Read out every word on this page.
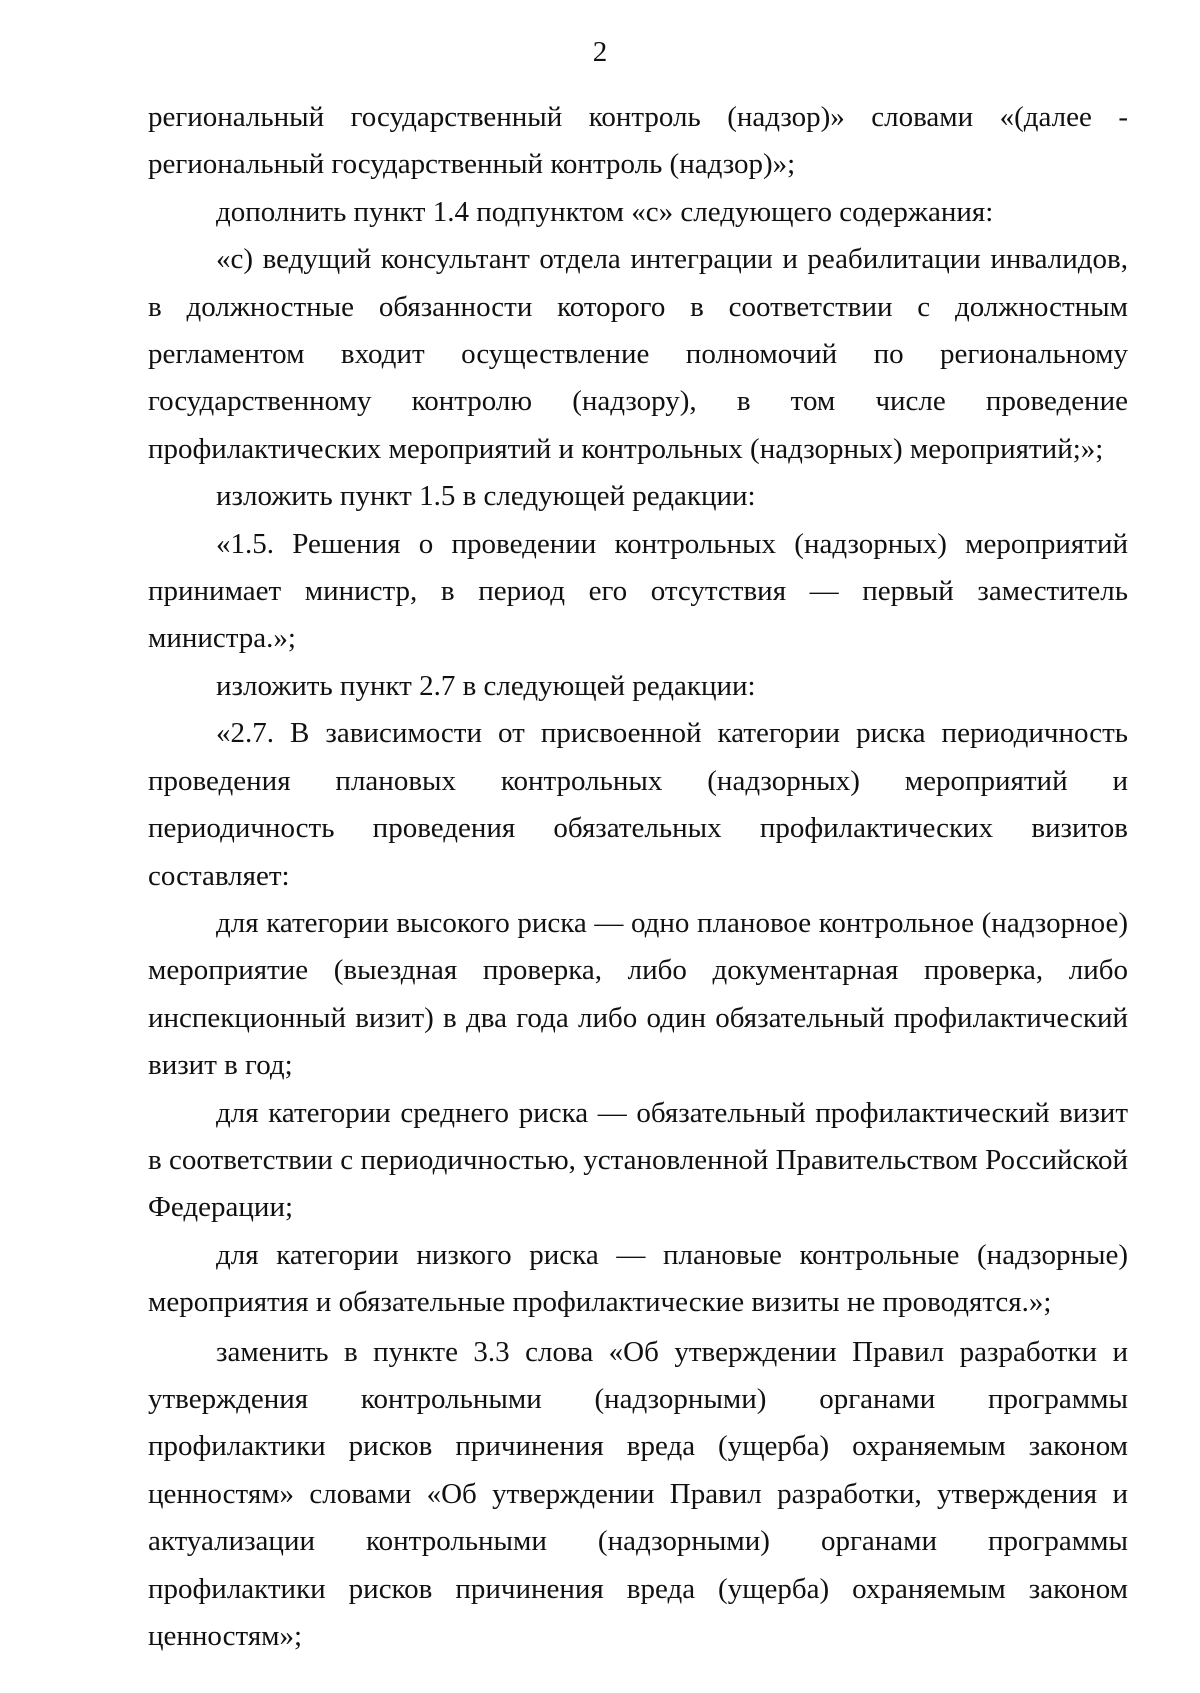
2

региональный государственный контроль (надзор)» словами «(далее - региональный государственный контроль (надзор)»;

дополнить пункт 1.4 подпунктом «с» следующего содержания:

«с) ведущий консультант отдела интеграции и реабилитации инвалидов, в должностные обязанности которого в соответствии с должностным регламентом входит осуществление полномочий по региональному государственному контролю (надзору), в том числе проведение профилактических мероприятий и контрольных (надзорных) мероприятий;»;

изложить пункт 1.5 в следующей редакции:

«1.5. Решения о проведении контрольных (надзорных) мероприятий принимает министр, в период его отсутствия — первый заместитель министра.»;

изложить пункт 2.7 в следующей редакции:

«2.7. В зависимости от присвоенной категории риска периодичность проведения плановых контрольных (надзорных) мероприятий и периодичность проведения обязательных профилактических визитов составляет:

для категории высокого риска — одно плановое контрольное (надзорное) мероприятие (выездная проверка, либо документарная проверка, либо инспекционный визит) в два года либо один обязательный профилактический визит в год;

для категории среднего риска — обязательный профилактический визит в соответствии с периодичностью, установленной Правительством Российской Федерации;

для категории низкого риска — плановые контрольные (надзорные) мероприятия и обязательные профилактические визиты не проводятся.»;

заменить в пункте 3.3 слова «Об утверждении Правил разработки и утверждения контрольными (надзорными) органами программы профилактики рисков причинения вреда (ущерба) охраняемым законом ценностям» словами «Об утверждении Правил разработки, утверждения и актуализации контрольными (надзорными) органами программы профилактики рисков причинения вреда (ущерба) охраняемым законом ценностям»;
